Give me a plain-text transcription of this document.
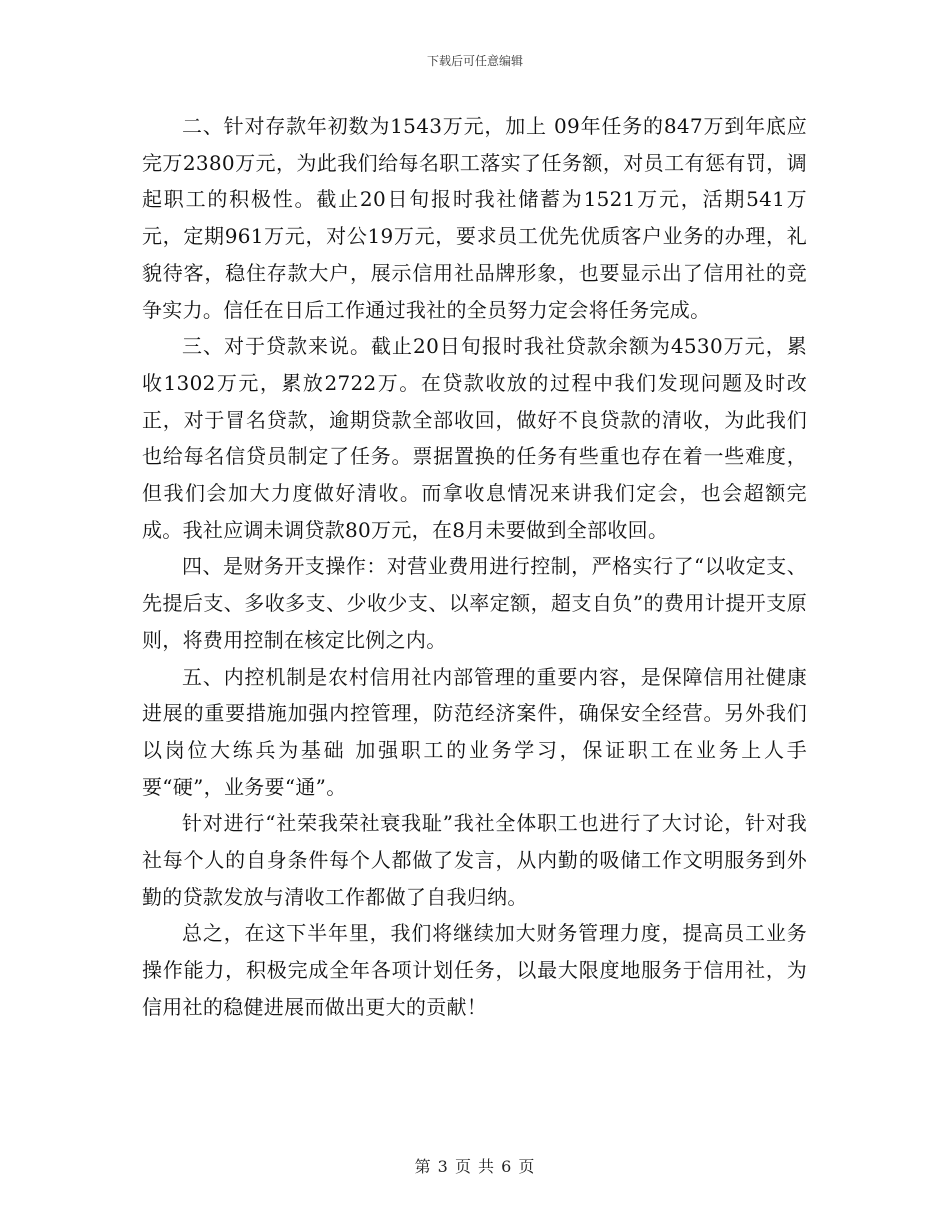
下载后可任意编辑

二、针对存款年初数为1543万元，加上 09年任务的847万到年底应完万2380万元，为此我们给每名职工落实了任务额，对员工有惩有罚，调起职工的积极性。截止20日旬报时我社储蓄为1521万元，活期541万元，定期961万元，对公19万元，要求员工优先优质客户业务的办理，礼貌待客，稳住存款大户，展示信用社品牌形象，也要显示出了信用社的竞争实力。信任在日后工作通过我社的全员努力定会将任务完成。

三、对于贷款来说。截止20日旬报时我社贷款余额为4530万元，累收1302万元，累放2722万。在贷款收放的过程中我们发现问题及时改正，对于冒名贷款，逾期贷款全部收回，做好不良贷款的清收，为此我们也给每名信贷员制定了任务。票据置换的任务有些重也存在着一些难度，但我们会加大力度做好清收。而拿收息情况来讲我们定会，也会超额完成。我社应调未调贷款80万元，在8月未要做到全部收回。

四、是财务开支操作：对营业费用进行控制，严格实行了“以收定支、先提后支、多收多支、少收少支、以率定额，超支自负”的费用计提开支原则，将费用控制在核定比例之内。

五、内控机制是农村信用社内部管理的重要内容，是保障信用社健康进展的重要措施加强内控管理，防范经济案件，确保安全经营。另外我们以岗位大练兵为基础 加强职工的业务学习，保证职工在业务上人手要“硬”，业务要“通”。

针对进行“社荣我荣社衰我耻”我社全体职工也进行了大讨论，针对我社每个人的自身条件每个人都做了发言，从内勤的吸储工作文明服务到外勤的贷款发放与清收工作都做了自我归纳。

总之，在这下半年里，我们将继续加大财务管理力度，提高员工业务操作能力，积极完成全年各项计划任务，以最大限度地服务于信用社，为信用社的稳健进展而做出更大的贡献！

第 3 页 共 6 页
